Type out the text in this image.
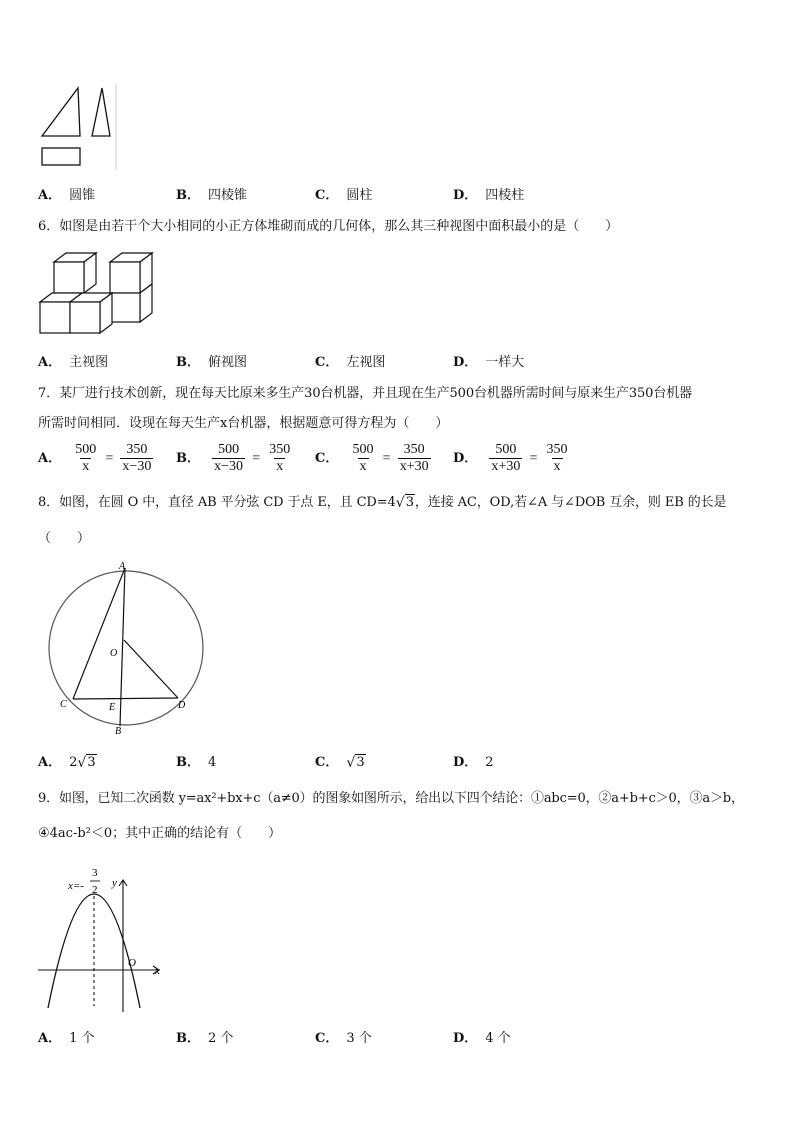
A． 圆锥	B． 四棱锥	C． 圆柱	D． 四棱柱
6．如图是由若干个大小相同的小正方体堆砌而成的几何体，那么其三种视图中面积最小的是（　　）
A． 主视图	B． 俯视图	C． 左视图	D． 一样大
7．某厂进行技术创新，现在每天比原来多生产30台机器，并且现在生产500台机器所需时间与原来生产350台机器
所需时间相同．设现在每天生产x台机器，根据题意可得方程为（　　）
A． $\frac{500}{x} = \frac{350}{x-30}$ B． $\frac{500}{x-30} = \frac{350}{x}$ C． $\frac{500}{x} = \frac{350}{x+30}$ D． $\frac{500}{x+30} = \frac{350}{x}$
8．如图，在圆 O 中，直径 AB 平分弦 CD 于点 E，且 CD=4 √ 3，连接 AC，OD,若∠A 与∠DOB 互余，则 EB 的长是
（　　）
A
O
C	E	D
B
A． 2 √ 3	B． 4	C． √ 3	D． 2
9．如图，已知二次函数 y=ax²+bx+c（a≠0）的图象如图所示，给出以下四个结论：①abc=0，②a+b+c＞0，③a＞b，
④4ac-b²＜0；其中正确的结论有（　　）
x=-
3
2
y
x
O
A． 1 个	B． 2 个	C． 3 个	D． 4 个
